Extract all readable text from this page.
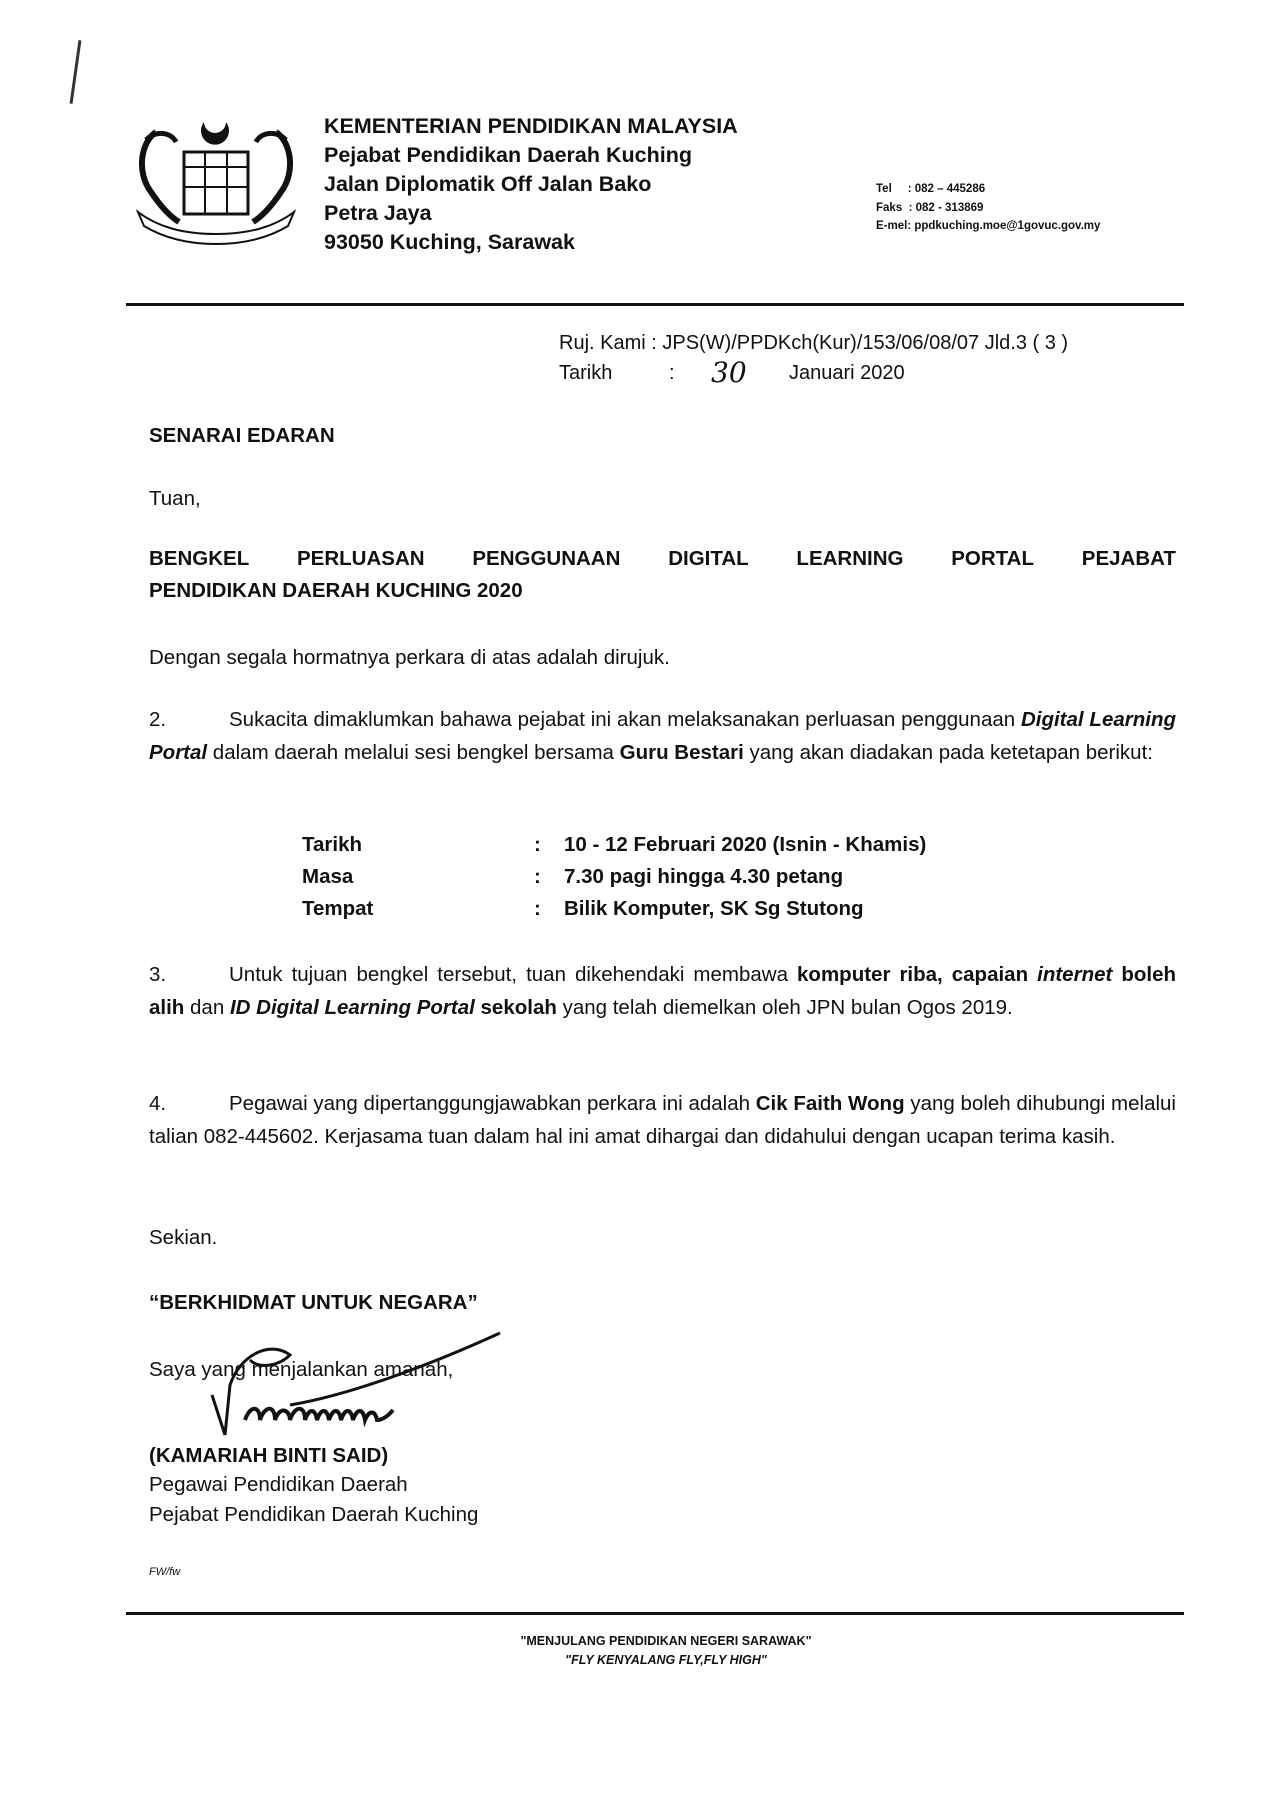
KEMENTERIAN PENDIDIKAN MALAYSIA
Pejabat Pendidikan Daerah Kuching
Jalan Diplomatik Off Jalan Bako
Petra Jaya
93050 Kuching, Sarawak
Tel     : 082 – 445286
Faks  : 082 - 313869
E-mel: ppdkuching.moe@1govuc.gov.my
Ruj. Kami : JPS(W)/PPDKch(Kur)/153/06/08/07 Jld.3 ( 3 )
Tarikh	: 30 Januari 2020
SENARAI EDARAN
Tuan,
BENGKEL PERLUASAN PENGGUNAAN DIGITAL LEARNING PORTAL PEJABAT
PENDIDIKAN DAERAH KUCHING 2020
Dengan segala hormatnya perkara di atas adalah dirujuk.
2.	Sukacita dimaklumkan bahawa pejabat ini akan melaksanakan perluasan penggunaan Digital Learning Portal dalam daerah melalui sesi bengkel bersama Guru Bestari yang akan diadakan pada ketetapan berikut:
Tarikh	: 10 - 12 Februari 2020 (Isnin - Khamis)
Masa	: 7.30 pagi hingga 4.30 petang
Tempat	: Bilik Komputer, SK Sg Stutong
3.	Untuk tujuan bengkel tersebut, tuan dikehendaki membawa komputer riba, capaian internet boleh alih dan ID Digital Learning Portal sekolah yang telah diemelkan oleh JPN bulan Ogos 2019.
4.	Pegawai yang dipertanggungjawabkan perkara ini adalah Cik Faith Wong yang boleh dihubungi melalui talian 082-445602. Kerjasama tuan dalam hal ini amat dihargai dan didahului dengan ucapan terima kasih.
Sekian.
“BERKHIDMAT UNTUK NEGARA”
Saya yang menjalankan amanah,
(KAMARIAH BINTI SAID)
Pegawai Pendidikan Daerah
Pejabat Pendidikan Daerah Kuching
FW/fw
"MENJULANG PENDIDIKAN NEGERI SARAWAK"
"FLY KENYALANG FLY,FLY HIGH"
